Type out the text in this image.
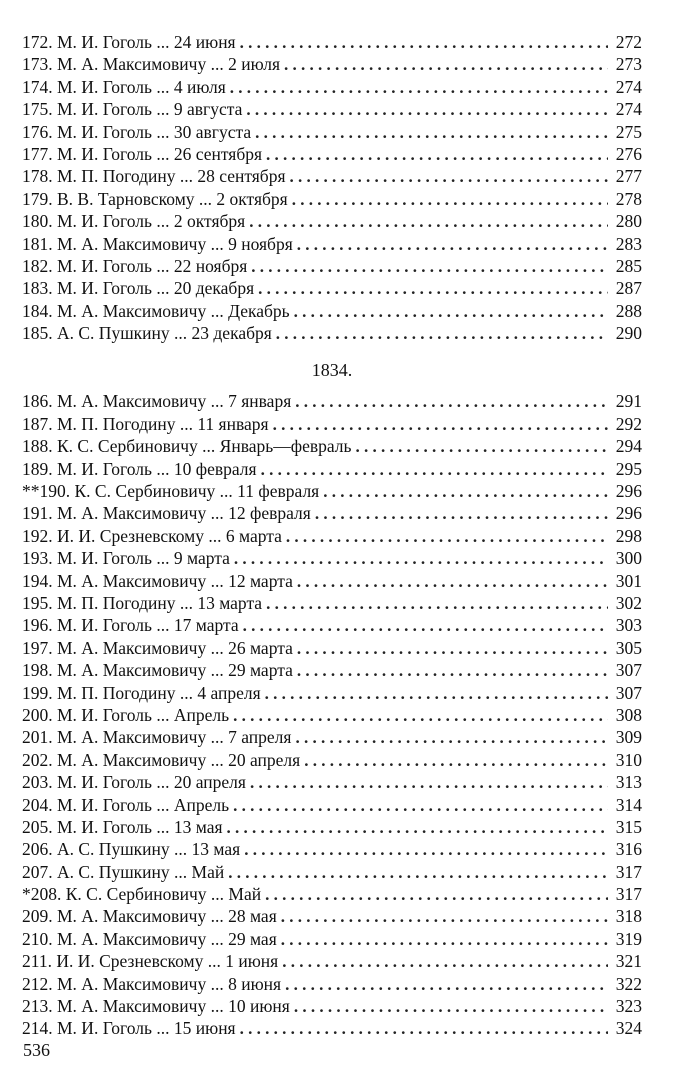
172. М. И. Гоголь ... 24 июня . . .	272
173. М. А. Максимовичу ... 2 июля . . .	273
174. М. И. Гоголь ... 4 июля . . .	274
175. М. И. Гоголь ... 9 августа . . .	274
176. М. И. Гоголь ... 30 августа . . .	275
177. М. И. Гоголь ... 26 сентября . . .	276
178. М. П. Погодину ... 28 сентября . . .	277
179. В. В. Тарновскому ... 2 октября . . .	278
180. М. И. Гоголь ... 2 октября . . .	280
181. М. А. Максимовичу ... 9 ноября . . .	283
182. М. И. Гоголь ... 22 ноября . . .	285
183. М. И. Гоголь ... 20 декабря . . .	287
184. М. А. Максимовичу ... Декабрь . . .	288
185. А. С. Пушкину ... 23 декабря . . .	290
1834.
186. М. А. Максимовичу ... 7 января . . .	291
187. М. П. Погодину ... 11 января . . .	292
188. К. С. Сербиновичу ... Январь—февраль . . .	294
189. М. И. Гоголь ... 10 февраля . . .	295
**190. К. С. Сербиновичу ... 11 февраля . . .	296
191. М. А. Максимовичу ... 12 февраля . . .	296
192. И. И. Срезневскому ... 6 марта . . .	298
193. М. И. Гоголь ... 9 марта . . .	300
194. М. А. Максимовичу ... 12 марта . . .	301
195. М. П. Погодину ... 13 марта . . .	302
196. М. И. Гоголь ... 17 марта . . .	303
197. М. А. Максимовичу ... 26 марта . . .	305
198. М. А. Максимовичу ... 29 марта . . .	307
199. М. П. Погодину ... 4 апреля . . .	307
200. М. И. Гоголь ... Апрель . . .	308
201. М. А. Максимовичу ... 7 апреля . . .	309
202. М. А. Максимовичу ... 20 апреля . . .	310
203. М. И. Гоголь ... 20 апреля . . .	313
204. М. И. Гоголь ... Апрель . . .	314
205. М. И. Гоголь ... 13 мая . . .	315
206. А. С. Пушкину ... 13 мая . . .	316
207. А. С. Пушкину ... Май . . .	317
*208. К. С. Сербиновичу ... Май . . .	317
209. М. А. Максимовичу ... 28 мая . . .	318
210. М. А. Максимовичу ... 29 мая . . .	319
211. И. И. Срезневскому ... 1 июня . . .	321
212. М. А. Максимовичу ... 8 июня . . .	322
213. М. А. Максимовичу ... 10 июня . . .	323
214. М. И. Гоголь ... 15 июня . . .	324
536
